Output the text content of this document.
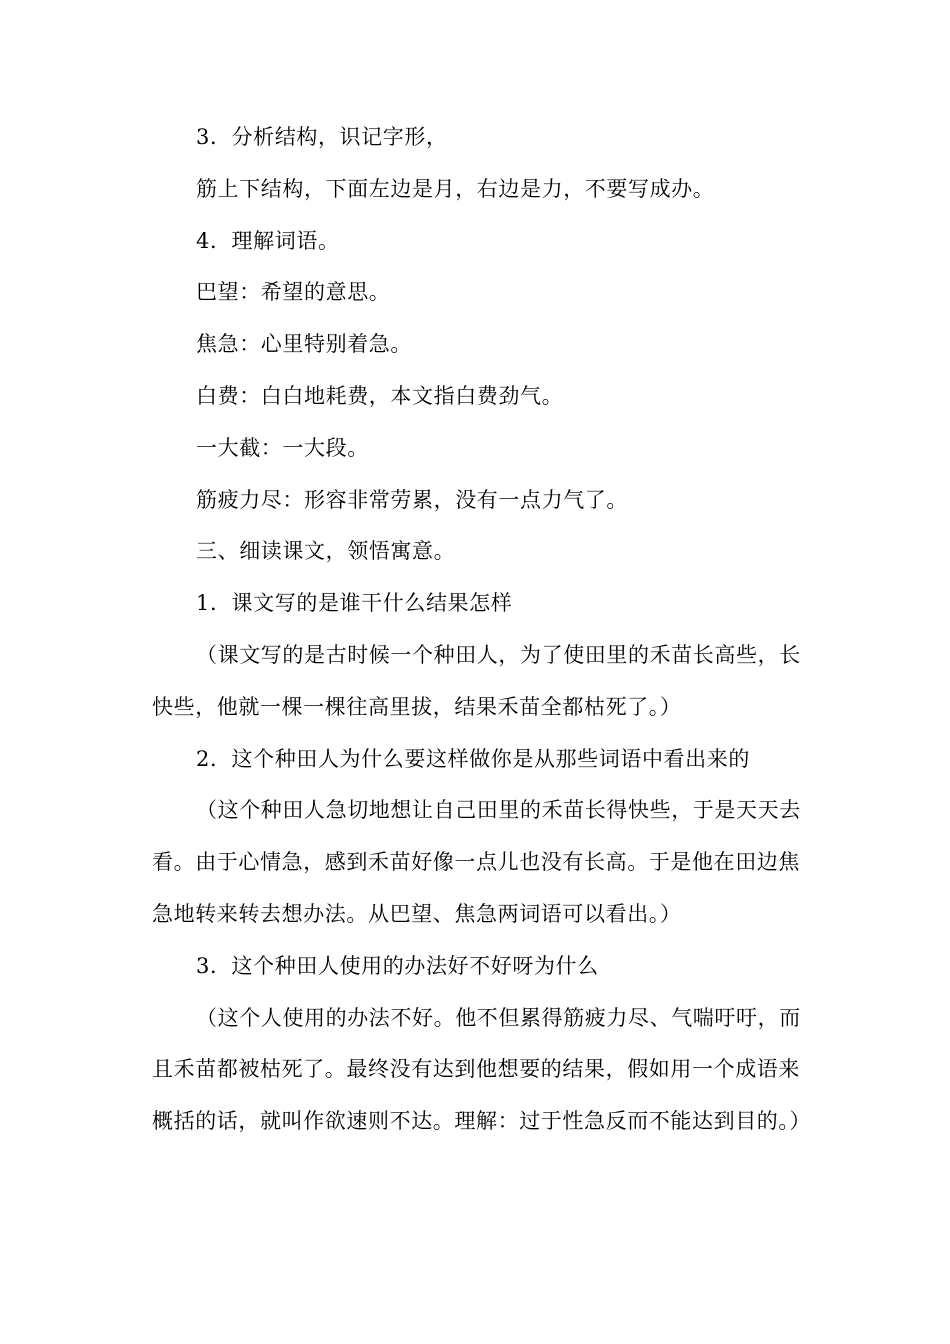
3．分析结构，识记字形，

筋上下结构，下面左边是月，右边是力，不要写成办。

4．理解词语。

巴望：希望的意思。

焦急：心里特别着急。

白费：白白地耗费，本文指白费劲气。

一大截：一大段。

筋疲力尽：形容非常劳累，没有一点力气了。

三、细读课文，领悟寓意。

1．课文写的是谁干什么结果怎样

（课文写的是古时候一个种田人，为了使田里的禾苗长高些，长快些，他就一棵一棵往高里拔，结果禾苗全都枯死了。）

2．这个种田人为什么要这样做你是从那些词语中看出来的

（这个种田人急切地想让自己田里的禾苗长得快些，于是天天去看。由于心情急，感到禾苗好像一点儿也没有长高。于是他在田边焦急地转来转去想办法。从巴望、焦急两词语可以看出。）

3．这个种田人使用的办法好不好呀为什么

（这个人使用的办法不好。他不但累得筋疲力尽、气喘吁吁，而且禾苗都被枯死了。最终没有达到他想要的结果，假如用一个成语来概括的话，就叫作欲速则不达。理解：过于性急反而不能达到目的。）
